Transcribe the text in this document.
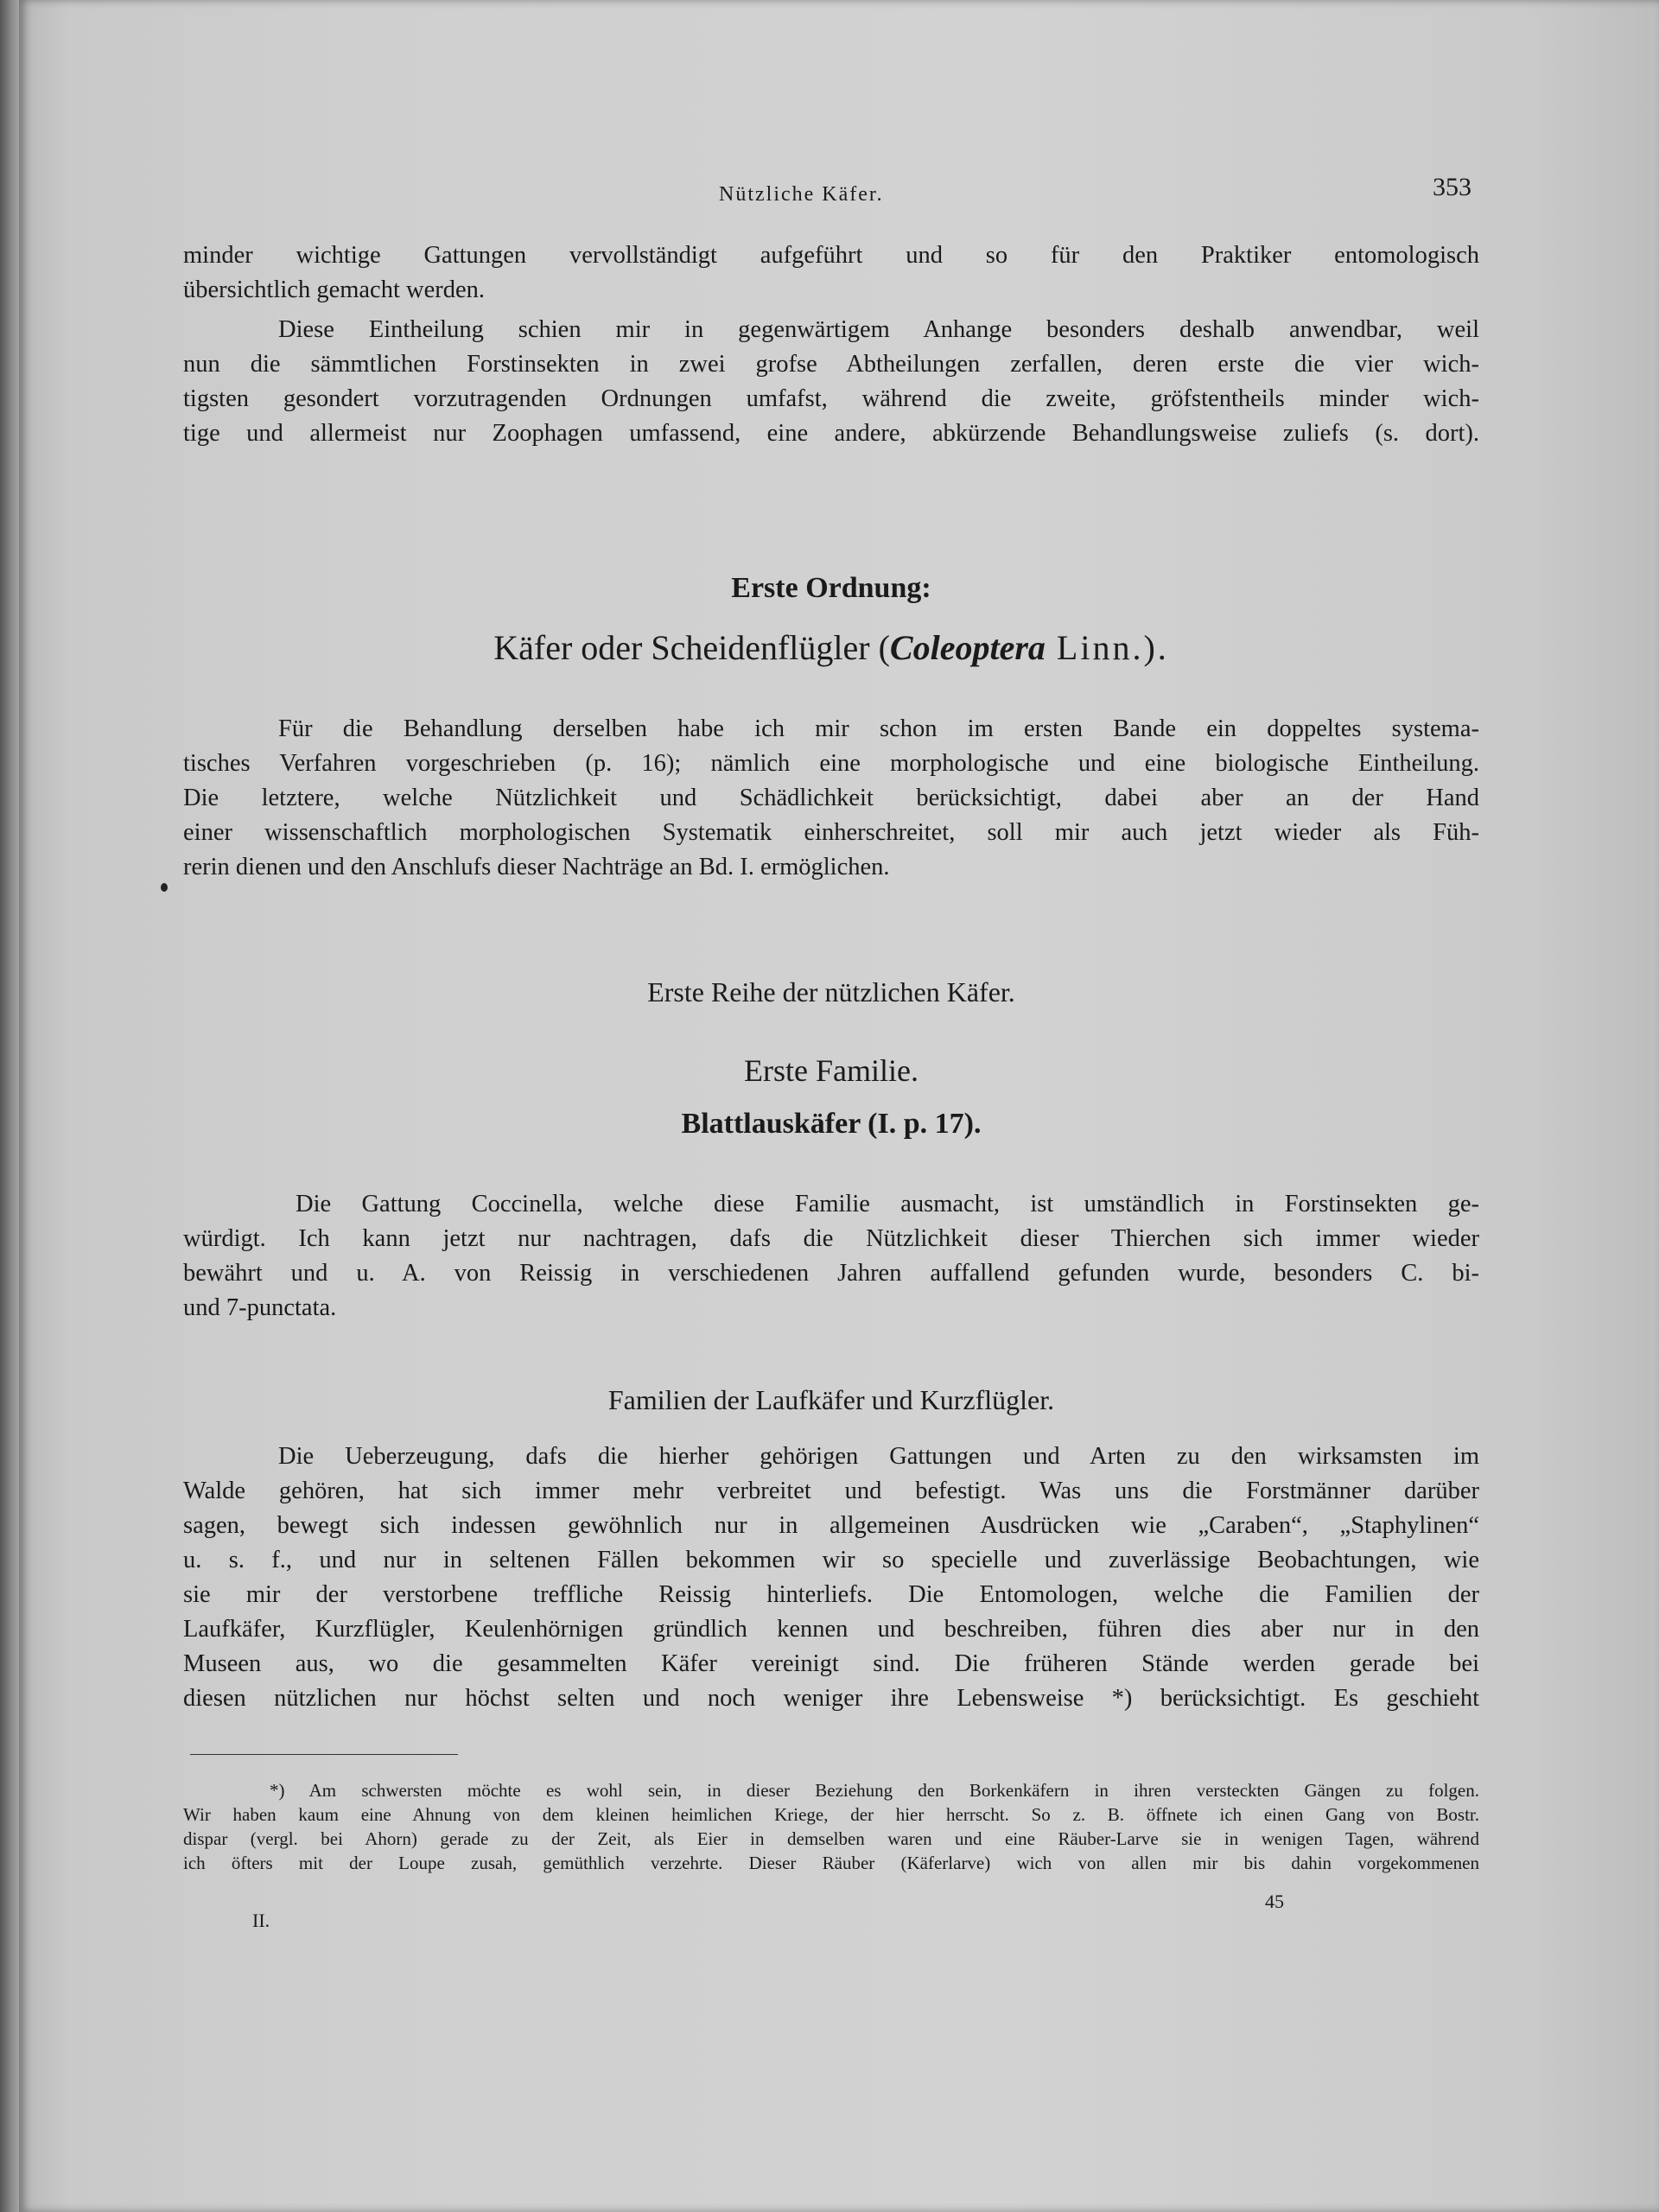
Nützliche Käfer.	353
minder wichtige Gattungen vervollständigt aufgeführt und so für den Praktiker entomologisch
übersichtlich gemacht werden.
Diese Eintheilung schien mir in gegenwärtigem Anhange besonders deshalb anwendbar, weil
nun die sämmtlichen Forstinsekten in zwei grofse Abtheilungen zerfallen, deren erste die vier wich-
tigsten gesondert vorzutragenden Ordnungen umfafst, während die zweite, gröfstentheils minder wich-
tige und allermeist nur Zoophagen umfassend, eine andere, abkürzende Behandlungsweise zuliefs (s. dort).
Erste Ordnung:
Käfer oder Scheidenflügler (Coleoptera Linn.).
Für die Behandlung derselben habe ich mir schon im ersten Bande ein doppeltes systema-
tisches Verfahren vorgeschrieben (p. 16); nämlich eine morphologische und eine biologische Eintheilung.
Die letztere, welche Nützlichkeit und Schädlichkeit berücksichtigt, dabei aber an der Hand
einer wissenschaftlich morphologischen Systematik einherschreitet, soll mir auch jetzt wieder als Füh-
rerin dienen und den Anschlufs dieser Nachträge an Bd. I. ermöglichen.
Erste Reihe der nützlichen Käfer.
Erste Familie.
Blattlauskäfer (I. p. 17).
Die Gattung Coccinella, welche diese Familie ausmacht, ist umständlich in Forstinsekten ge-
würdigt. Ich kann jetzt nur nachtragen, dafs die Nützlichkeit dieser Thierchen sich immer wieder
bewährt und u. A. von Reissig in verschiedenen Jahren auffallend gefunden wurde, besonders C. bi-
und 7-punctata.
Familien der Laufkäfer und Kurzflügler.
Die Ueberzeugung, dafs die hierher gehörigen Gattungen und Arten zu den wirksamsten im
Walde gehören, hat sich immer mehr verbreitet und befestigt. Was uns die Forstmänner darüber
sagen, bewegt sich indessen gewöhnlich nur in allgemeinen Ausdrücken wie „Caraben“, „Staphylinen“
u. s. f., und nur in seltenen Fällen bekommen wir so specielle und zuverlässige Beobachtungen, wie
sie mir der verstorbene treffliche Reissig hinterliefs. Die Entomologen, welche die Familien der
Laufkäfer, Kurzflügler, Keulenhörnigen gründlich kennen und beschreiben, führen dies aber nur in den
Museen aus, wo die gesammelten Käfer vereinigt sind. Die früheren Stände werden gerade bei
diesen nützlichen nur höchst selten und noch weniger ihre Lebensweise *) berücksichtigt. Es geschieht
*) Am schwersten möchte es wohl sein, in dieser Beziehung den Borkenkäfern in ihren versteckten Gängen zu folgen.
Wir haben kaum eine Ahnung von dem kleinen heimlichen Kriege, der hier herrscht. So z. B. öffnete ich einen Gang von Bostr.
dispar (vergl. bei Ahorn) gerade zu der Zeit, als Eier in demselben waren und eine Räuber-Larve sie in wenigen Tagen, während
ich öfters mit der Loupe zusah, gemüthlich verzehrte. Dieser Räuber (Käferlarve) wich von allen mir bis dahin vorgekommenen
II.
45
